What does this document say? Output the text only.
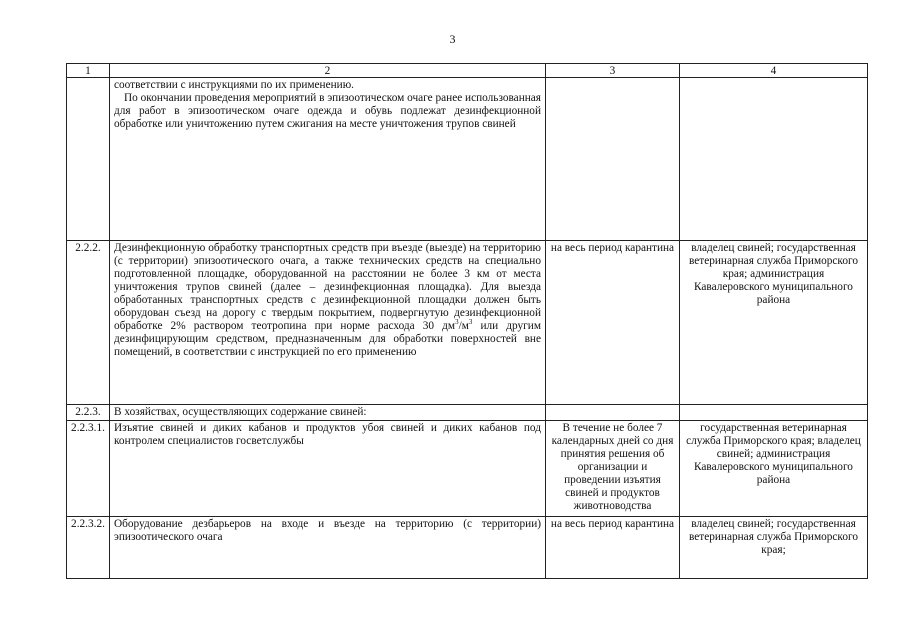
3
1	2	3	4

	соответствии с инструкциями по их применению.
По окончании проведения мероприятий в эпизоотическом очаге ранее использованная для работ в эпизоотическом очаге одежда и обувь подлежат дезинфекционной обработке или уничтожению путем сжигания на месте уничтожения трупов свиней		

2.2.2.	Дезинфекционную обработку транспортных средств при въезде (выезде) на территорию (с территории) эпизоотического очага, а также технических средств на специально подготовленной площадке, оборудованной на расстоянии не более 3 км от места уничтожения трупов свиней (далее – дезинфекционная площадка). Для выезда обработанных транспортных средств с дезинфекционной площадки должен быть оборудован съезд на дорогу с твердым покрытием, подвергнутую дезинфекционной обработке 2% раствором теотропина при норме расхода 30 $дм^3/м^3$ или другим дезинфицирующим средством, предназначенным для обработки поверхностей вне помещений, в соответствии с инструкцией по его применению	на весь период карантина	владелец свиней; государственная ветеринарная служба Приморского края; администрация Кавалеровского муниципального района
2.2.3.	В хозяйствах, осуществляющих содержание свиней:		
2.2.3.1.	Изъятие свиней и диких кабанов и продуктов убоя свиней и диких кабанов под контролем специалистов госветслужбы	В течение не более 7 календарных дней со дня принятия решения об организации и проведении изъятия свиней и продуктов животноводства	государственная ветеринарная служба Приморского края; владелец свиней; администрация Кавалеровского муниципального района
2.2.3.2.	Оборудование дезбарьеров на входе и въезде на территорию (с территории) эпизоотического очага	на весь период карантина	владелец свиней; государственная ветеринарная служба Приморского края;
